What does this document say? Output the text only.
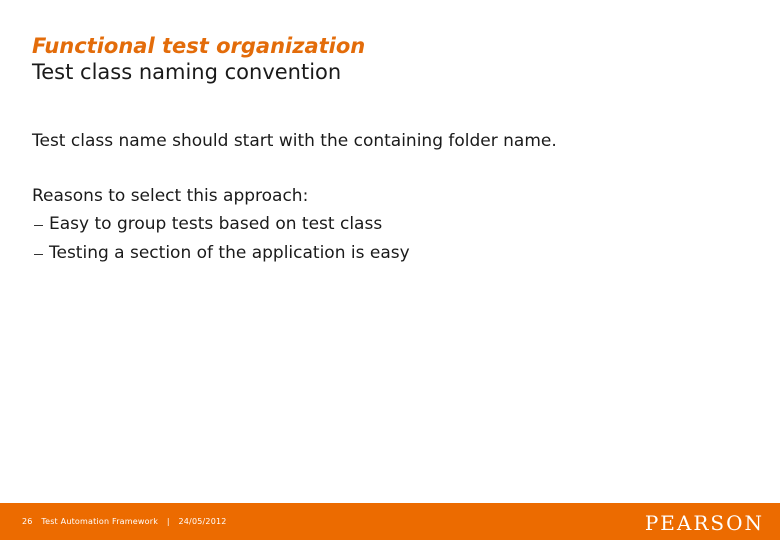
Functional test organization
Test class naming convention
Test class name should start with the containing folder name.
Reasons to select this approach:
Easy to group tests based on test class
Testing a section of the application is easy
26 Test Automation Framework | 24/05/2012	PEARSON
